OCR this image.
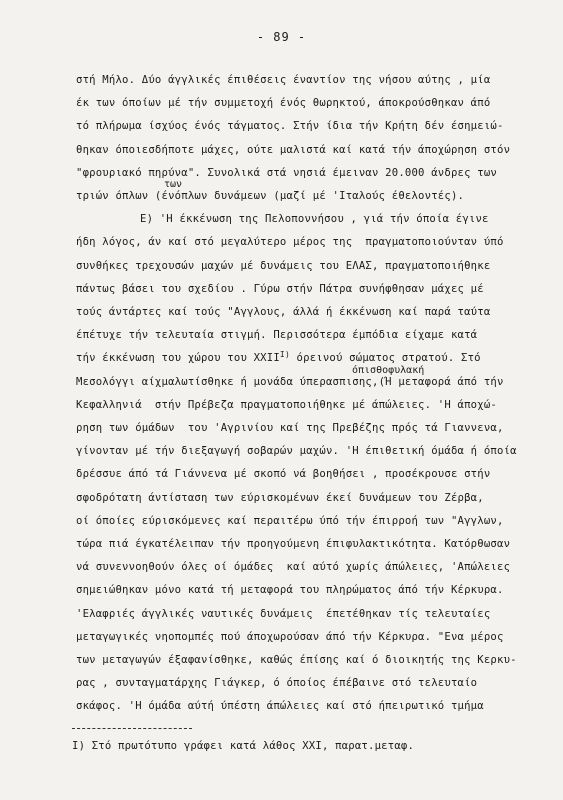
- 89 -
των
όπισθοφυλακή
στή Μήλο. Δύο άγγλικές έπιθέσεις έναντίον της νήσου αύτης , μία
έκ των όποίων μέ τήν συμμετοχή ένός θωρηκτού, άποκρούσθηκαν άπό
τό πλήρωμα ίσχύος ένός τάγματος. Στήν ίδια τήν Κρήτη δέν έσημειώ-
θηκαν όποιεσδήποτε μάχες, ούτε μαλιστά καί κατά τήν άποχώρηση στόν
"φρουριακό πηρύνα". Συνολικά στά νησιά έμειναν 20.000 άνδρες των
τριών όπλων (ένόπλων δυνάμεων (μαζί μέ 'Ιταλούς έθελοντές).
Ε) 'Η έκκένωση της Πελοποννήσου , γιά τήν όποία έγινε
ήδη λόγος, άν καί στό μεγαλύτερο μέρος της  πραγματοποιούνταν ύπό
συνθήκες τρεχουσών μαχών μέ δυνάμεις του ΕΛΑΣ, πραγματοποιήθηκε
πάντως βάσει του σχεδίου . Γύρω στήν Πάτρα συνήφθησαν μάχες μέ
τούς άντάρτες καί τούς "Αγγλους, άλλά ή έκκένωση καί παρά ταύτα
έπέτυχε τήν τελευταία στιγμή. Περισσότερα έμπόδια είχαμε κατά
τήν έκκένωση του χώρου του $XXII^{I)}$ όρεινού σώματος στρατού. Στό
Μεσολόγγι αίχμαλωτίσθηκε ή μονάδα ύπερασπισης,(Ή μεταφορά άπό τήν
Κεφαλληνιά  στήν Πρέβεζα πραγματοποιήθηκε μέ άπώλειες. 'Η άποχώ-
ρηση των όμάδων  του 'Αγρινίου καί της Πρεβέζης πρός τά Γιαννενα,
γίνονταν μέ τήν διεξαγωγή σοβαρών μαχών. 'Η έπιθετική όμάδα ή όποία
δρέσσυε άπό τά Γιάννενα μέ σκοπό νά βοηθήσει , προσέκρουσε στήν
σφοδρότατη άντίσταση των εύρισκομένων έκεί δυνάμεων του Ζέρβα,
οί όποίες εύρισκόμενες καί περαιτέρω ύπό τήν έπιρροή των "Αγγλων,
τώρα πιά έγκατέλειπαν τήν προηγούμενη έπιφυλακτικότητα. Κατόρθωσαν
νά συνεννοηθούν όλες οί όμάδες  καί αύτό χωρίς άπώλειες, 'Απώλειες
σημειώθηκαν μόνο κατά τή μεταφορά του πληρώματος άπό τήν Κέρκυρα.
'Ελαφριές άγγλικές ναυτικές δυνάμεις  έπετέθηκαν τίς τελευταίες
μεταγωγικές νηοπομπές πού άποχωρούσαν άπό τήν Κέρκυρα. "Ενα μέρος
των μεταγωγών έξαφανίσθηκε, καθώς έπίσης καί ό διοικητής της Κερκυ-
ρας , συνταγματάρχης Γιάγκερ, ό όποίος έπέβαινε στό τελευταίο
σκάφος. 'Η όμάδα αύτή ύπέστη άπώλειες καί στό ήπειρωτικό τμήμα
I) Στό πρωτότυπο γράφει κατά λάθος XXI, παρατ.μεταφ.
